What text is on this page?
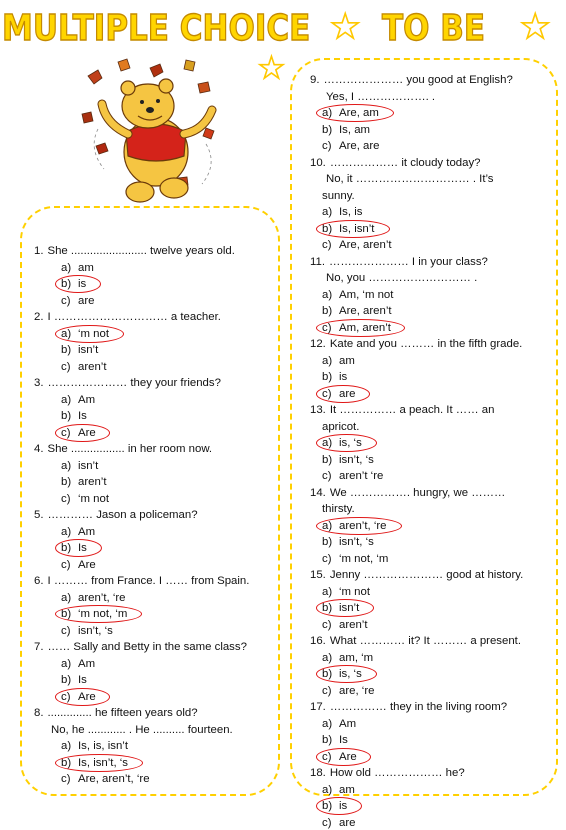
MULTIPLE CHOICE ★ TO BE ★
★
1. She ........................ twelve years old.
a) am
b) is
c) are
2. I ………………………… a teacher.
a) ‘m not
b) isn’t
c) aren’t
3. ………………… they your friends?
a) Am
b) Is
c) Are
4. She ................. in her room now.
a) isn’t
b) aren’t
c) ‘m not
5. ………… Jason a policeman?
a) Am
b) Is
c) Are
6. I ……… from France. I …… from Spain.
a) aren’t, ‘re
b) ‘m not, ‘m
c) isn’t, ‘s
7. …… Sally and Betty in the same class?
a) Am
b) Is
c) Are
8. .............. he fifteen years old?
No, he ............ . He .......... fourteen.
a) Is, is, isn’t
b) Is, isn’t, ‘s
c) Are, aren’t, ‘re
9. ………………… you good at English?
Yes, I ………………. .
a) Are, am
b) Is, am
c) Are, are
10. ……………… it cloudy today?
No, it ………………………… . It’s
sunny.
a) Is, is
b) Is, isn’t
c) Are, aren’t
11. ………………… I in your class?
No, you ……………………… .
a) Am, ‘m not
b) Are, aren’t
c) Am, aren’t
12. Kate and you ……… in the fifth grade.
a) am
b) is
c) are
13. It …………… a peach. It …… an
apricot.
a) is, ‘s
b) isn’t, ‘s
c) aren’t ‘re
14. We ……………. hungry, we ………
thirsty.
a) aren’t, ‘re
b) isn’t, ‘s
c) ‘m not, ‘m
15. Jenny ………………… good at history.
a) ‘m not
b) isn’t
c) aren’t
16. What ………… it? It ……… a present.
a) am, ‘m
b) is, ‘s
c) are, ‘re
17. …………… they in the living room?
a) Am
b) Is
c) Are
18. How old ……………… he?
a) am
b) is
c) are
